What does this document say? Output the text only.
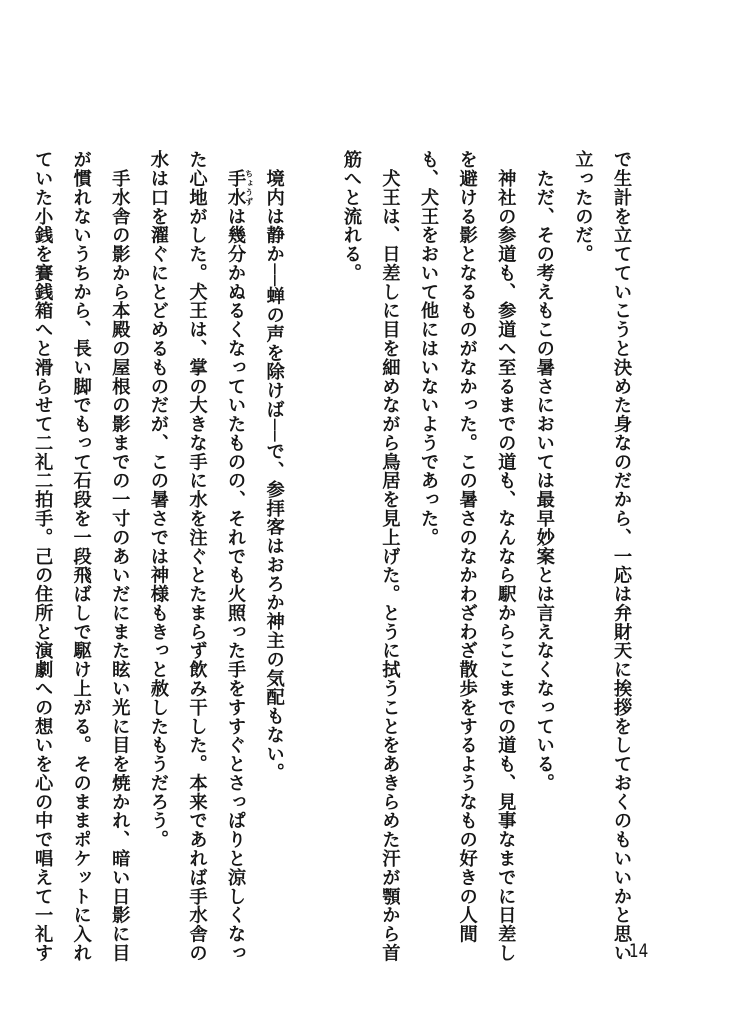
で生計を立てていこうと決めた身なのだから、一応は弁財天に挨拶をしておくのもいいかと思い

立ったのだ。

　ただ、その考えもこの暑さにおいては最早妙案とは言えなくなっている。

　神社の参道も、参道へ至るまでの道も、なんなら駅からここまでの道も、見事なまでに日差し

を避ける影となるものがなかった。この暑さのなかわざわざ散歩をするようなもの好きの人間

も、犬王をおいて他にはいないようであった。

　犬王は、日差しに目を細めながら鳥居を見上げた。とうに拭うことをあきらめた汗が顎から首

筋へと流れる。

　境内は静か──蝉の声を除けば──で、参拝客はおろか神主の気配もない。

　手水ちょうずは幾分かぬるくなっていたものの、それでも火照った手をすすぐとさっぱりと涼しくなっ

た心地がした。犬王は、掌の大きな手に水を注ぐとたまらず飲み干した。本来であれば手水舎の

水は口を濯ぐにとどめるものだが、この暑さでは神様もきっと赦したもうだろう。

　手水舎の影から本殿の屋根の影までの一寸のあいだにまた眩い光に目を焼かれ、暗い日影に目

が慣れないうちから、長い脚でもって石段を一段飛ばしで駆け上がる。そのままポケットに入れ

ていた小銭を賽銭箱へと滑らせて二礼二拍手。己の住所と演劇への想いを心の中で唱えて一礼す	14
